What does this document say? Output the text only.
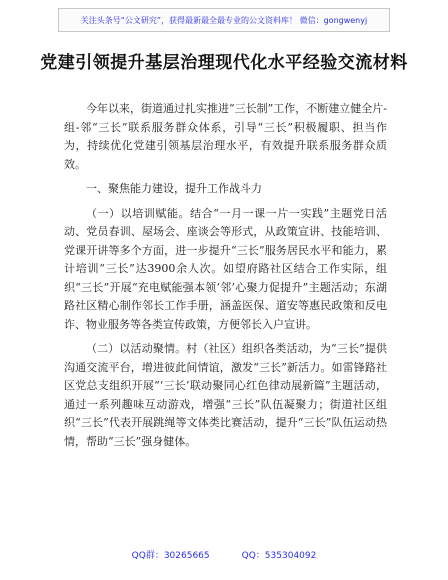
关注头条号“公文研究”，获得最新最全最专业的公文资料库！ 微信：gongwenyj
党建引领提升基层治理现代化水平经验交流材料

今年以来，街道通过扎实推进“三长制”工作，不断建立健全片-组-邻“三长”联系服务群众体系，引导“三长”积极履职、担当作为，持续优化党建引领基层治理水平，有效提升联系服务群众质效。

一、聚焦能力建设，提升工作战斗力

（一）以培训赋能。结合“一月一课一片一实践”主题党日活动、党员春训、屋场会、座谈会等形式，从政策宣讲、技能培训、党课开讲等多个方面，进一步提升“三长”服务居民水平和能力，累计培训“三长”达3900余人次。如望府路社区结合工作实际，组织“三长”开展“充电赋能强本领‘邻’心聚力促提升”主题活动；东湖路社区精心制作邻长工作手册，涵盖医保、道安等惠民政策和反电诈、物业服务等各类宣传政策，方便邻长入户宣讲。

（二）以活动聚情。村（社区）组织各类活动，为“三长”提供沟通交流平台，增进彼此间情谊，激发“三长”新活力。如雷锋路社区党总支组织开展“‘三长’联动聚同心红色律动展新篇”主题活动，通过一系列趣味互动游戏，增强“三长”队伍凝聚力；街道社区组织“三长”代表开展跳绳等文体类比赛活动，提升“三长”队伍运动热情，帮助“三长”强身健体。

QQ群：30265665	QQ：535304092
